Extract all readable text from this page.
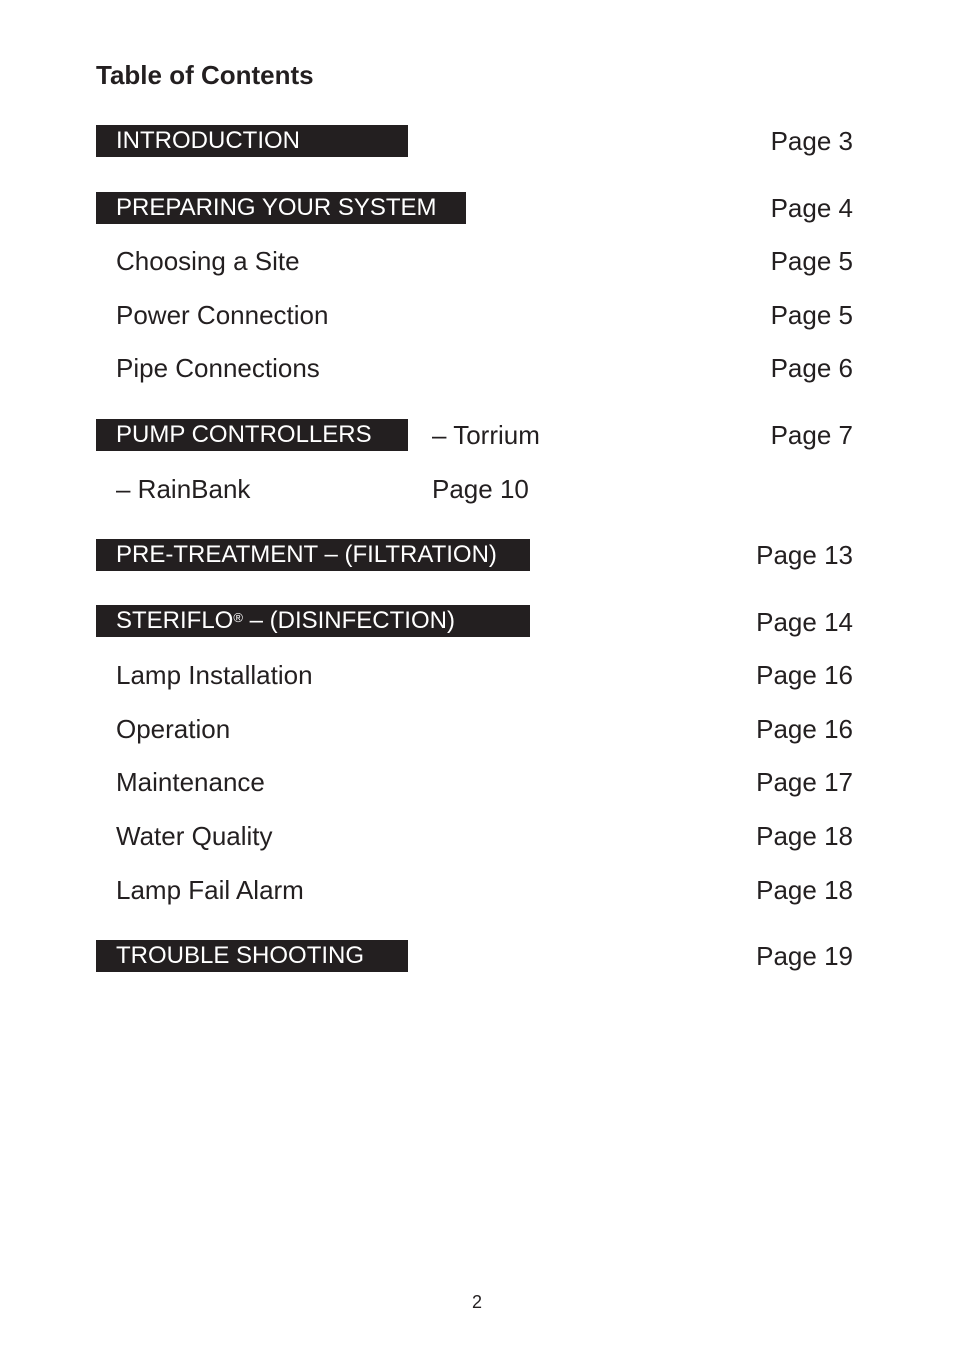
Table of Contents
INTRODUCTION	Page 3
PREPARING YOUR SYSTEM	Page 4
Choosing a Site	Page 5
Power Connection	Page 5
Pipe Connections	Page 6
PUMP CONTROLLERS	– Torrium	Page 7
– RainBank	Page 10
PRE-TREATMENT – (FILTRATION)	Page 13
STERIFLO® – (DISINFECTION)	Page 14
Lamp Installation	Page 16
Operation	Page 16
Maintenance	Page 17
Water Quality	Page 18
Lamp Fail Alarm	Page 18
TROUBLE SHOOTING	Page 19
2
